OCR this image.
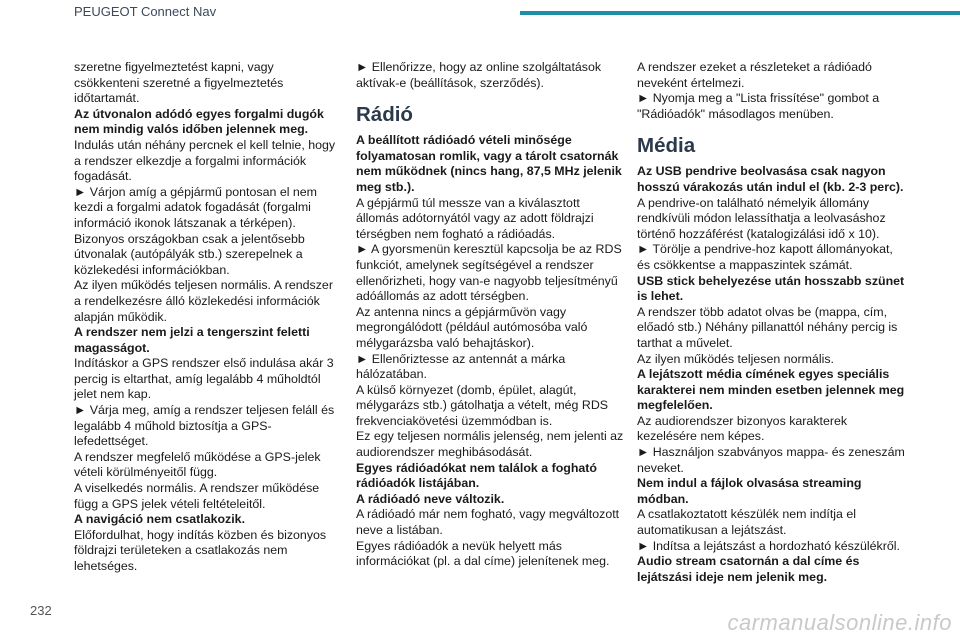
PEUGEOT Connect Nav
szeretne figyelmeztetést kapni, vagy csökkenteni szeretné a figyelmeztetés időtartamát.
Az útvonalon adódó egyes forgalmi dugók nem mindig valós időben jelennek meg.
Indulás után néhány percnek el kell telnie, hogy a rendszer elkezdje a forgalmi információk fogadását.
► Várjon amíg a gépjármű pontosan el nem kezdi a forgalmi adatok fogadását (forgalmi információ ikonok látszanak a térképen).
Bizonyos országokban csak a jelentősebb útvonalak (autópályák stb.) szerepelnek a közlekedési információkban.
Az ilyen működés teljesen normális. A rendszer a rendelkezésre álló közlekedési információk alapján működik.
A rendszer nem jelzi a tengerszint feletti magasságot.
Indításkor a GPS rendszer első indulása akár 3 percig is eltarthat, amíg legalább 4 műholdtól jelet nem kap.
► Várja meg, amíg a rendszer teljesen feláll és legalább 4 műhold biztosítja a GPS-lefedettséget.
A rendszer megfelelő működése a GPS-jelek vételi körülményeitől függ.
A viselkedés normális. A rendszer működése függ a GPS jelek vételi feltételeitől.
A navigáció nem csatlakozik.
Előfordulhat, hogy indítás közben és bizonyos földrajzi területeken a csatlakozás nem lehetséges.
► Ellenőrizze, hogy az online szolgáltatások aktívak-e (beállítások, szerződés).
Rádió
A beállított rádióadó vételi minősége folyamatosan romlik, vagy a tárolt csatornák nem működnek (nincs hang, 87,5 MHz jelenik meg stb.).
A gépjármű túl messze van a kiválasztott állomás adótornyától vagy az adott földrajzi térségben nem fogható a rádióadás.
► A gyorsmenün keresztül kapcsolja be az RDS funkciót, amelynek segítségével a rendszer ellenőrizheti, hogy van-e nagyobb teljesítményű adóállomás az adott térségben.
Az antenna nincs a gépjárművön vagy megrongálódott (például autómosóba való mélygarázsba való behajtáskor).
► Ellenőriztesse az antennát a márka hálózatában.
A külső környezet (domb, épület, alagút, mélygarázs stb.) gátolhatja a vételt, még RDS frekvenciakövetési üzemmódban is.
Ez egy teljesen normális jelenség, nem jelenti az audiorendszer meghibásodását.
Egyes rádióadókat nem találok a fogható rádióadók listájában.
A rádióadó neve változik.
A rádióadó már nem fogható, vagy megváltozott neve a listában.
Egyes rádióadók a nevük helyett más információkat (pl. a dal címe) jelenítenek meg.
A rendszer ezeket a részleteket a rádióadó neveként értelmezi.
► Nyomja meg a "Lista frissítése" gombot a "Rádióadók" másodlagos menüben.
Média
Az USB pendrive beolvasása csak nagyon hosszú várakozás után indul el (kb. 2-3 perc).
A pendrive-on található némelyik állomány rendkívüli módon lelassíthatja a leolvasáshoz történő hozzáférést (katalogizálási idő x 10).
► Törölje a pendrive-hoz kapott állományokat, és csökkentse a mappaszintek számát.
USB stick behelyezése után hosszabb szünet is lehet.
A rendszer több adatot olvas be (mappa, cím, előadó stb.) Néhány pillanattól néhány percig is tarthat a művelet.
Az ilyen működés teljesen normális.
A lejátszott média címének egyes speciális karakterei nem minden esetben jelennek meg megfelelően.
Az audiorendszer bizonyos karakterek kezelésére nem képes.
► Használjon szabványos mappa- és zeneszám neveket.
Nem indul a fájlok olvasása streaming módban.
A csatlakoztatott készülék nem indítja el automatikusan a lejátszást.
► Indítsa a lejátszást a hordozható készülékről.
Audio stream csatornán a dal címe és lejátszási ideje nem jelenik meg.
232	carmanualsonline.info
